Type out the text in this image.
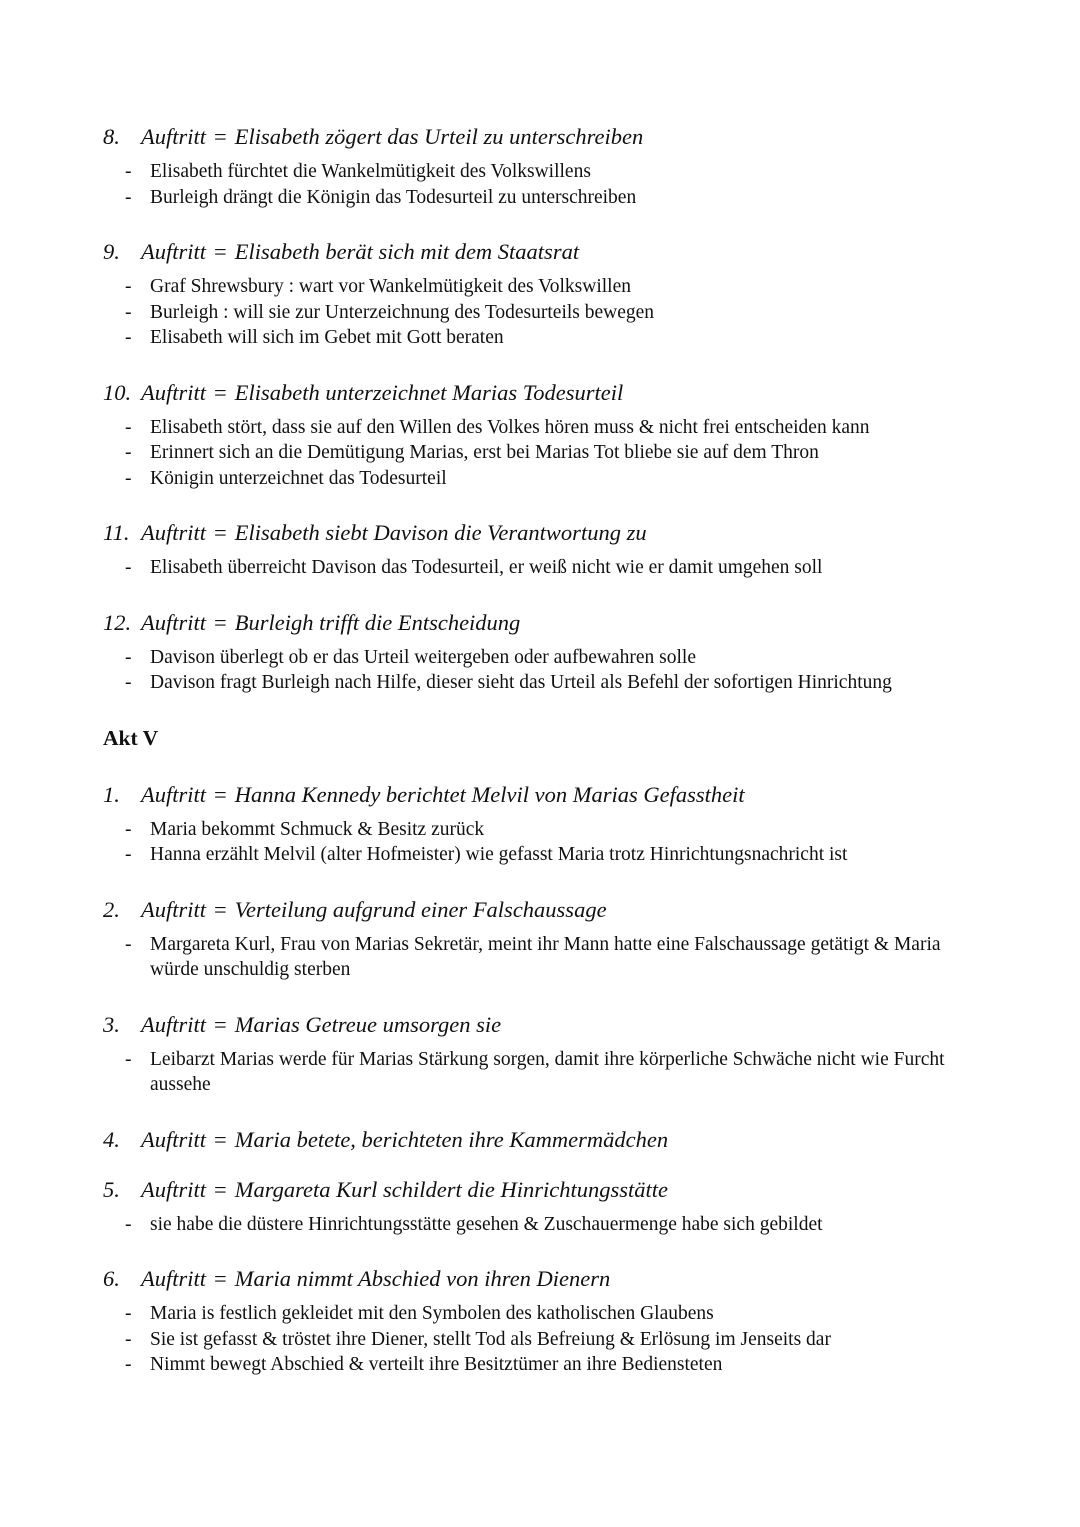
8. Auftritt = Elisabeth zögert das Urteil zu unterschreiben
- Elisabeth fürchtet die Wankelmütigkeit des Volkswillens
- Burleigh drängt die Königin das Todesurteil zu unterschreiben
9. Auftritt = Elisabeth berät sich mit dem Staatsrat
- Graf Shrewsbury : wart vor Wankelmütigkeit des Volkswillen
- Burleigh : will sie zur Unterzeichnung des Todesurteils bewegen
- Elisabeth will sich im Gebet mit Gott beraten
10. Auftritt = Elisabeth unterzeichnet Marias Todesurteil
- Elisabeth stört, dass sie auf den Willen des Volkes hören muss & nicht frei entscheiden kann
- Erinnert sich an die Demütigung Marias, erst bei Marias Tot bliebe sie auf dem Thron
- Königin unterzeichnet das Todesurteil
11. Auftritt = Elisabeth siebt Davison die Verantwortung zu
- Elisabeth überreicht Davison das Todesurteil, er weiß nicht wie er damit umgehen soll
12. Auftritt = Burleigh trifft die Entscheidung
- Davison überlegt ob er das Urteil weitergeben oder aufbewahren solle
- Davison fragt Burleigh nach Hilfe, dieser sieht das Urteil als Befehl der sofortigen Hinrichtung
Akt V
1. Auftritt = Hanna Kennedy berichtet Melvil von Marias Gefasstheit
- Maria bekommt Schmuck & Besitz zurück
- Hanna erzählt Melvil (alter Hofmeister) wie gefasst Maria trotz Hinrichtungsnachricht ist
2. Auftritt = Verteilung aufgrund einer Falschaussage
- Margareta Kurl, Frau von Marias Sekretär, meint ihr Mann hatte eine Falschaussage getätigt & Maria würde unschuldig sterben
3. Auftritt = Marias Getreue umsorgen sie
- Leibarzt Marias werde für Marias Stärkung sorgen, damit ihre körperliche Schwäche nicht wie Furcht aussehe
4. Auftritt = Maria betete, berichteten ihre Kammermädchen
5. Auftritt = Margareta Kurl schildert die Hinrichtungsstätte
- sie habe die düstere Hinrichtungsstätte gesehen & Zuschauermenge habe sich gebildet
6. Auftritt = Maria nimmt Abschied von ihren Dienern
- Maria is festlich gekleidet mit den Symbolen des katholischen Glaubens
- Sie ist gefasst & tröstet ihre Diener, stellt Tod als Befreiung & Erlösung im Jenseits dar
- Nimmt bewegt Abschied & verteilt ihre Besitztümer an ihre Bediensteten
